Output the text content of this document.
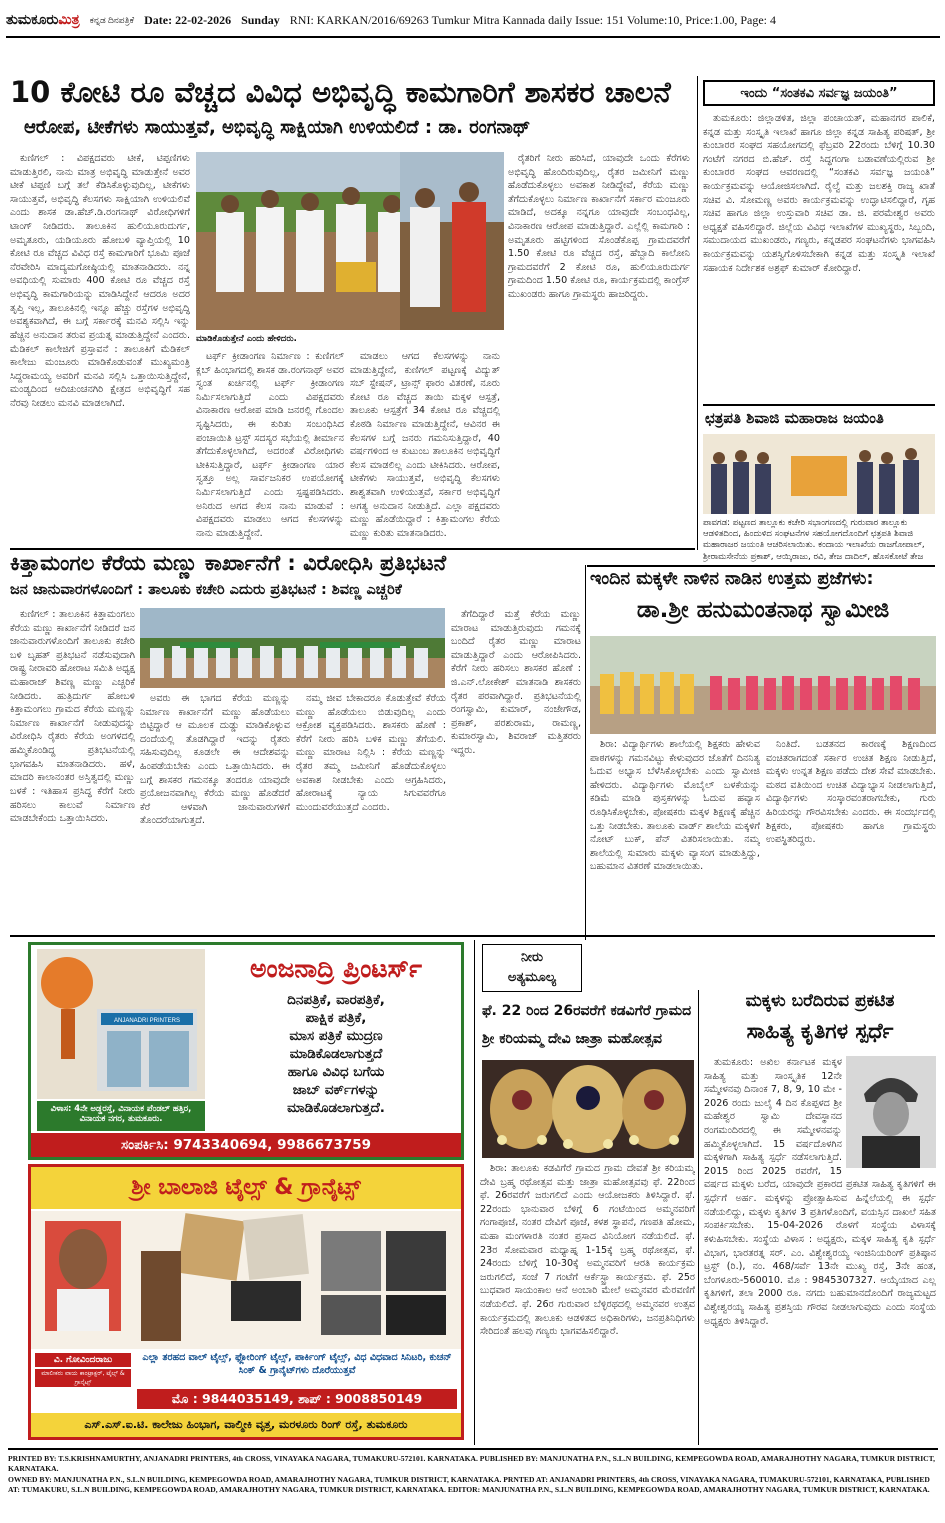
ತುಮಕೂರುಮಿತ್ರ ಕನ್ನಡ ದಿನಪತ್ರಿಕೆ Date: 22-02-2026 Sunday RNI: KARKAN/2016/69263 Tumkur Mitra Kannada daily Issue: 151 Volume:10, Price:1.00, Page: 4
10 ಕೋಟಿ ರೂ ವೆಚ್ಚದ ವಿವಿಧ ಅಭಿವೃದ್ಧಿ ಕಾಮಗಾರಿಗೆ ಶಾಸಕರ ಚಾಲನೆ
ಆರೋಪ, ಟೀಕೆಗಳು ಸಾಯುತ್ತವೆ, ಅಭಿವೃದ್ಧಿ ಸಾಕ್ಷಿಯಾಗಿ ಉಳಿಯಲಿದೆ : ಡಾ. ರಂಗನಾಥ್

ಕುಣಿಗಲ್ : ವಿಪಕ್ಷದವರು ಟೀಕೆ, ಟಿಪ್ಪಣಿಗಳು ಮಾಡುತ್ತಿರಲಿ, ನಾನು ಮಾತ್ರ ಅಭಿವೃದ್ಧಿ ಮಾಡುತ್ತೇನೆ ಅವರ ಟೀಕೆ ಟಿಪ್ಪಣಿ ಬಗ್ಗೆ ತಲೆ ಕೆಡಿಸಿಕೊಳ್ಳುವುದಿಲ್ಲ, ಟೀಕೆಗಳು ಸಾಯುತ್ತವೆ, ಅಭಿವೃದ್ಧಿ ಕೆಲಸಗಳು ಸಾಕ್ಷಿಯಾಗಿ ಉಳಿಯಲಿವೆ ಎಂದು ಶಾಸಕ ಡಾ.ಹೆಚ್.ಡಿ.ರಂಗನಾಥ್ ವಿರೋಧಿಗಳಿಗೆ ಟಾಂಗ್ ನೀಡಿದರು. ತಾಲೂಕಿನ ಹುಲಿಯೂರುದುರ್ಗ, ಅಮೃತೂರು, ಯಡಿಯೂರು ಹೋಬಳಿ ವ್ಯಾಪ್ತಿಯಲ್ಲಿ 10 ಕೋಟಿ ರೂ ವೆಚ್ಚದ ವಿವಿಧ ರಸ್ತೆ ಕಾಮಗಾರಿಗೆ ಭೂಮಿ ಪೂಜೆ ನೆರವೇರಿಸಿ ಮಾದ್ಯಮಗೋಷ್ಠಿಯಲ್ಲಿ ಮಾತನಾಡಿದರು. ನನ್ನ ಅವಧಿಯಲ್ಲಿ ಸುಮಾರು 400 ಕೋಟಿ ರೂ ವೆಚ್ಚದ ರಸ್ತೆ ಅಭಿವೃದ್ಧಿ ಕಾಮಗಾರಿಯನ್ನು ಮಾಡಿಸಿದ್ದೇನೆ ಆದರೂ ಅದರ ತೃಪ್ತಿ ಇಲ್ಲ, ತಾಲೂಕಿನಲ್ಲಿ ಇನ್ನೂ ಹೆಚ್ಚು ರಸ್ತೆಗಳ ಅಭಿವೃದ್ಧಿ ಅವಶ್ಯಕವಾಗಿದೆ, ಈ ಬಗ್ಗೆ ಸರ್ಕಾರಕ್ಕೆ ಮನವಿ ಸಲ್ಲಿಸಿ ಇನ್ನು ಹೆಚ್ಚಿನ ಅನುದಾನ ತರುವ ಪ್ರಯತ್ನ ಮಾಡುತ್ತಿದ್ದೇನೆ ಎಂದರು. ಮೆಡಿಕಲ್ ಕಾಲೇಜಿಗೆ ಪ್ರಸ್ತಾವನೆ : ತಾಲೂಕಿಗೆ ಮೆಡಿಕಲ್ ಕಾಲೇಜು ಮಂಜೂರು ಮಾಡಿಕೊಡುವಂತೆ ಮುಖ್ಯಮಂತ್ರಿ ಸಿದ್ದರಾಮಯ್ಯ ಅವರಿಗೆ ಮನವಿ ಸಲ್ಲಿಸಿ ಒತ್ತಾಯಿಸುತ್ತಿದ್ದೇನೆ, ಮಂಡ್ಯದಿಂದ ಆದಿಚುಂಚನಗಿರಿ ಕ್ಷೇತ್ರದ ಅಭಿವೃದ್ಧಿಗೆ ಸಹ ನೆರವು ನೀಡಲು ಮನವಿ ಮಾಡಲಾಗಿದೆ.

ಮಾಡಿಕೊಡುತ್ತೇನೆ ಎಂದು ಹೇಳಿದರು.

ಟರ್ಫ್ ಕ್ರೀಡಾಂಗಣ ನಿರ್ಮಾಣ : ಕುಣಿಗಲ್ ಕ್ಲಬ್ ಹಿಂಭಾಗದಲ್ಲಿ ಶಾಸಕ ಡಾ.ರಂಗನಾಥ್ ಅವರ ಸ್ವಂತ ಖರ್ಚಿನಲ್ಲಿ ಟರ್ಫ್ ಕ್ರೀಡಾಂಗಣ ನಿರ್ಮಿಸಲಾಗುತ್ತಿದೆ ಎಂದು ವಿಪಕ್ಷದವರು ವಿನಾಕಾರಣ ಆರೋಪ ಮಾಡಿ ಜನರಲ್ಲಿ ಗೊಂದಲ ಸೃಷ್ಟಿಸಿದರು, ಈ ಕುರಿತು ಸಂಬಂಧಿಸಿದ ಪಂಚಾಯಿತಿ ಟ್ರಸ್ಟ್ ಸದಸ್ಯರ ಸಭೆಯಲ್ಲಿ ತೀರ್ಮಾನ ತೆಗೆದುಕೊಳ್ಳಲಾಗಿದೆ, ಅದರಂತೆ ವಿರೋಧಿಗಳು ಟೀಕಿಸುತ್ತಿದ್ದಾರೆ, ಟರ್ಫ್ ಕ್ರೀಡಾಂಗಣ ಯಾರ ಸ್ವತ್ತೂ ಅಲ್ಲ ಸಾರ್ವಜನಿಕರ ಉಪಯೋಗಕ್ಕೆ ನಿರ್ಮಿಸಲಾಗುತ್ತಿದೆ ಎಂದು ಸ್ಪಷ್ಟಪಡಿಸಿದರು. ಅನಿರುದ ಅಗದ ಕೆಲಸ ನಾನು ಮಾಡುವೆ : ವಿಪಕ್ಷದವರು ಮಾಡಲು ಆಗದ ಕೆಲಸಗಳನ್ನು ನಾನು ಮಾಡುತ್ತಿದ್ದೇನೆ.

ಮಾಡಲು ಆಗದ ಕೆಲಸಗಳನ್ನು ನಾನು ಮಾಡುತ್ತಿದ್ದೇನೆ, ಕುಣಿಗಲ್ ಪಟ್ಟಣಕ್ಕೆ ವಿದ್ಯುತ್ ಸಬ್ ಸ್ಟೇಷನ್, ಟ್ರಾನ್ಸ್ ಫಾರಂ ವಿತರಣೆ, ನೂರು ಕೋಟಿ ರೂ ವೆಚ್ಚದ ತಾಯಿ ಮಕ್ಕಳ ಆಸ್ಪತ್ರೆ, ತಾಲೂಕು ಆಸ್ಪತ್ರೆಗೆ 34 ಕೋಟಿ ರೂ ವೆಚ್ಚದಲ್ಲಿ ಕೊಠಡಿ ನಿರ್ಮಾಣ ಮಾಡುತ್ತಿದ್ದೇನೆ, ಆವಿನರ ಈ ಕೆಲಸಗಳ ಬಗ್ಗೆ ಜನರು ಗಮನಿಸುತ್ತಿದ್ದಾರೆ, 40 ವರ್ಷಗಳಿಂದ ಆ ಕುಟುಂಬ ತಾಲೂಕಿನ ಅಭಿವೃದ್ಧಿಗೆ ಕೆಲಸ ಮಾಡಲಿಲ್ಲ ಎಂದು ಟೀಕಿಸಿದರು. ಆರೋಪ, ಟೀಕೆಗಳು ಸಾಯುತ್ತವೆ, ಅಭಿವೃದ್ಧಿ ಕೆಲಸಗಳು ಶಾಶ್ವತವಾಗಿ ಉಳಿಯುತ್ತವೆ, ಸರ್ಕಾರ ಅಭಿವೃದ್ಧಿಗೆ ಅಗತ್ಯ ಅನುದಾನ ನೀಡುತ್ತಿದೆ. ಎಲ್ಲಾ ಪಕ್ಷದವರು ಮಣ್ಣು ಹೊಡೆಯಿದ್ದಾರೆ : ಕಿತ್ತಾಮಂಗಲ ಕೆರೆಯ ಮಣ್ಣು ಕುರಿತು ಮಾತನಾಡಿದರು.

ರೈತರಿಗೆ ನೀರು ಹರಿಸಿದೆ, ಯಾವುದೇ ಒಂದು ಕೆರೆಗಳು ಅಭಿವೃದ್ಧಿ ಹೊಂದಿರುವುದಿಲ್ಲ, ರೈತರ ಜಮೀನಿಗೆ ಮಣ್ಣು ಹೊಡೆದುಕೊಳ್ಳಲು ಅವಕಾಶ ನೀಡಿದ್ದೇವೆ, ಕೆರೆಯ ಮಣ್ಣು ತೆಗೆದುಕೊಳ್ಳಲು ನಿರ್ಮಾಣ ಕಾರ್ಖಾನೆಗೆ ಸರ್ಕಾರ ಮಂಜೂರು ಮಾಡಿದೆ, ಅದಕ್ಕೂ ನನ್ನಗೂ ಯಾವುದೇ ಸಂಬಂಧವಿಲ್ಲ, ವಿನಾಕಾರಣ ಆರೋಪ ಮಾಡುತ್ತಿದ್ದಾರೆ. ಎಲ್ಲೆಲ್ಲಿ ಕಾಮಗಾರಿ : ಅಮೃತೂರು ಹಟ್ಟಿಗಳಿಂದ ಸೊಂಡೆಕೊಪ್ಪ ಗ್ರಾಮದವರೆಗೆ 1.50 ಕೋಟಿ ರೂ ವೆಚ್ಚದ ರಸ್ತೆ, ಹೆಬ್ಬಾದಿ ಕಾಲೋನಿ ಗ್ರಾಮದವರೆಗೆ 2 ಕೋಟಿ ರೂ, ಹುಲಿಯೂರುದುರ್ಗ ಗ್ರಾಮದಿಂದ 1.50 ಕೋಟಿ ರೂ, ಕಾರ್ಯಕ್ರಮದಲ್ಲಿ ಕಾಂಗ್ರೆಸ್ ಮುಖಂಡರು ಹಾಗೂ ಗ್ರಾಮಸ್ಥರು ಹಾಜರಿದ್ದರು.

ಇಂದು “ಸಂತಕವಿ ಸರ್ವಜ್ಞ ಜಯಂತಿ”

ತುಮಕೂರು: ಜಿಲ್ಲಾಡಳಿತ, ಜಿಲ್ಲಾ ಪಂಚಾಯತ್, ಮಹಾನಗರ ಪಾಲಿಕೆ, ಕನ್ನಡ ಮತ್ತು ಸಂಸ್ಕೃತಿ ಇಲಾಖೆ ಹಾಗೂ ಜಿಲ್ಲಾ ಕನ್ನಡ ಸಾಹಿತ್ಯ ಪರಿಷತ್, ಶ್ರೀ ಕುಂಬಾರರ ಸಂಘದ ಸಹಯೋಗದಲ್ಲಿ ಫೆಬ್ರವರಿ 22ರಂದು ಬೆಳಿಗ್ಗೆ 10.30 ಗಂಟೆಗೆ ನಗರದ ಬಿ.ಹೆಚ್. ರಸ್ತೆ ಸಿದ್ಧಗಂಗಾ ಬಡಾವಣೆಯಲ್ಲಿರುವ ಶ್ರೀ ಕುಂಬಾರರ ಸಂಘದ ಆವರಣದಲ್ಲಿ “ಸಂತಕವಿ ಸರ್ವಜ್ಞ ಜಯಂತಿ” ಕಾರ್ಯಕ್ರಮವನ್ನು ಆಯೋಜಿಸಲಾಗಿದೆ. ರೈಲ್ವೆ ಮತ್ತು ಜಲಶಕ್ತಿ ರಾಜ್ಯ ಖಾತೆ ಸಚಿವ ವಿ. ಸೋಮಣ್ಣ ಅವರು ಕಾರ್ಯಕ್ರಮವನ್ನು ಉದ್ಘಾಟಿಸಲಿದ್ದಾರೆ, ಗೃಹ ಸಚಿವ ಹಾಗೂ ಜಿಲ್ಲಾ ಉಸ್ತುವಾರಿ ಸಚಿವ ಡಾ. ಜಿ. ಪರಮೇಶ್ವರ ಅವರು ಅಧ್ಯಕ್ಷತೆ ವಹಿಸಲಿದ್ದಾರೆ. ಜಿಲ್ಲೆಯ ವಿವಿಧ ಇಲಾಖೆಗಳ ಮುಖ್ಯಸ್ಥರು, ಸಿಬ್ಬಂದಿ, ಸಮುದಾಯದ ಮುಖಂಡರು, ಗಣ್ಯರು, ಕನ್ನಡಪರ ಸಂಘಟನೆಗಳು ಭಾಗವಹಿಸಿ ಕಾರ್ಯಕ್ರಮವನ್ನು ಯಶಸ್ವಿಗೊಳಿಸಬೇಕಾಗಿ ಕನ್ನಡ ಮತ್ತು ಸಂಸ್ಕೃತಿ ಇಲಾಖೆ ಸಹಾಯಕ ನಿರ್ದೇಶಕ ಅಶ್ರಫ್ ಕುಮಾರ್ ಕೋರಿದ್ದಾರೆ.

ಛತ್ರಪತಿ ಶಿವಾಜಿ ಮಹಾರಾಜ ಜಯಂತಿ
ಪಾವಗಡ: ಪಟ್ಟಣದ ತಾಲ್ಲೂಕು ಕಚೇರಿ ಸಭಾಂಗಣದಲ್ಲಿ ಗುರುವಾರ ತಾಲ್ಲೂಕು ಆಡಳಿತದಿಂದ, ಹಿಂದುಳಿದ ಸಂಘಟನೆಗಳ ಸಹಯೋಗದೊಂದಿಗೆ ಛತ್ರಪತಿ ಶಿವಾಜಿ ಮಹಾರಾಜರ ಜಯಂತಿ ಆಚರಿಸಲಾಯಿತು. ಕಂದಾಯ ಇಲಾಖೆಯ ರಾಜಗೋಪಾಲ್, ಶ್ರೀರಾಮಸೇನೆಯ ಪ್ರಕಾಶ್, ಆಯ್ಕಿರಾಜು, ರವಿ, ತೇಜ ದಾದಿಲ್, ಹೊಸಕೋಟೆ ತೇಜ
ಕಿತ್ತಾಮಂಗಲ ಕೆರೆಯ ಮಣ್ಣು ಕಾರ್ಖಾನೆಗೆ : ವಿರೋಧಿಸಿ ಪ್ರತಿಭಟನೆ
ಜನ ಜಾನುವಾರಗಳೊಂದಿಗೆ : ತಾಲೂಕು ಕಚೇರಿ ಎದುರು ಪ್ರತಿಭಟನೆ : ಶಿವಣ್ಣ ಎಚ್ಚರಿಕೆ

ಕುಣಿಗಲ್ : ತಾಲೂಕಿನ ಕಿತ್ತಾಮಂಗಲು ಕೆರೆಯ ಮಣ್ಣು ಕಾರ್ಖಾನೆಗೆ ನೀಡಿದರೆ ಜನ ಜಾನುವಾರುಗಳೊಂದಿಗೆ ತಾಲೂಕು ಕಚೇರಿ ಬಳಿ ಬೃಹತ್ ಪ್ರತಿಭಟನೆ ನಡೆಸುವುದಾಗಿ ರಾಷ್ಟ್ರ ನೀರಾವರಿ ಹೋರಾಟ ಸಮಿತಿ ಅಧ್ಯಕ್ಷ ಮಹಾರಾಜ್ ಶಿವಣ್ಣ ಮಣ್ಣು ಎಚ್ಚರಿಕೆ ನೀಡಿದರು. ಹುತ್ರಿದುರ್ಗ ಹೋಬಳಿ ಕಿತ್ತಾಮಂಗಲು ಗ್ರಾಮದ ಕೆರೆಯ ಮಣ್ಣನ್ನು ನಿರ್ಮಾಣ ಕಾರ್ಖಾನೆಗೆ ನೀಡುವುದನ್ನು ವಿರೋಧಿಸಿ ರೈತರು ಕೆರೆಯ ಅಂಗಳದಲ್ಲಿ ಹಮ್ಮಿಕೊಂಡಿದ್ದ ಪ್ರತಿಭಟನೆಯಲ್ಲಿ ಭಾಗವಹಿಸಿ ಮಾತನಾಡಿದರು. ಹಳೆ, ಮಾದರಿ ಕಾಲಾನಂತರ ಅಸ್ತಿತ್ವದಲ್ಲಿ ಮಣ್ಣು ಬಳಕೆ : ಇತಿಹಾಸ ಪ್ರಸಿದ್ಧ ಕೆರೆಗೆ ನೀರು ಹರಿಸಲು ಕಾಲುವೆ ನಿರ್ಮಾಣ ಮಾಡಬೇಕೆಂದು ಒತ್ತಾಯಿಸಿದರು.

ಅವರು ಈ ಭಾಗದ ಕೆರೆಯ ಮಣ್ಣನ್ನು ನಿರ್ಮಾಣ ಕಾರ್ಖಾನೆಗೆ ಮಣ್ಣು ಹೊಡೆಯಲು ಬಿಟ್ಟಿದ್ದಾರೆ ಆ ಮೂಲಕ ದುಡ್ಡು ಮಾಡಿಕೊಳ್ಳುವ ದಂದೆಯಲ್ಲಿ ತೊಡಗಿದ್ದಾರೆ ಇದನ್ನು ರೈತರು ಸಹಿಸುವುದಿಲ್ಲ ಕೂಡಲೇ ಈ ಆದೇಶವನ್ನು ಹಿಂಪಡೆಯಬೇಕು ಎಂದು ಒತ್ತಾಯಿಸಿದರು. ಈ ಬಗ್ಗೆ ಶಾಸಕರ ಗಮನಕ್ಕೂ ತಂದರೂ ಯಾವುದೇ ಪ್ರಯೋಜನವಾಗಿಲ್ಲ ಕೆರೆಯ ಮಣ್ಣು ಹೊಡೆದರೆ ಕೆರೆ ಆಳವಾಗಿ ಜಾನುವಾರುಗಳಿಗೆ ತೊಂದರೆಯಾಗುತ್ತದೆ.

ನಮ್ಮ ಜೀವ ಬೇಕಾದರೂ ಕೊಡುತ್ತೇವೆ ಕೆರೆಯ ಮಣ್ಣು ಹೊಡೆಯಲು ಬಿಡುವುದಿಲ್ಲ ಎಂದು ಆಕ್ರೋಶ ವ್ಯಕ್ತಪಡಿಸಿದರು. ಶಾಸಕರು ಹೊಣೆ : ಕೆರೆಗೆ ನೀರು ಹರಿಸಿ ಬಳಿಕ ಮಣ್ಣು ತೆಗೆಯಲಿ. ಮಣ್ಣು ಮಾರಾಟ ನಿಲ್ಲಿಸಿ : ಕೆರೆಯ ಮಣ್ಣನ್ನು ರೈತರ ತಮ್ಮ ಜಮೀನಿಗೆ ಹೊಡೆದುಕೊಳ್ಳಲು ಅವಕಾಶ ನೀಡಬೇಕು ಎಂದು ಆಗ್ರಹಿಸಿದರು, ಹೋರಾಟಕ್ಕೆ ನ್ಯಾಯ ಸಿಗುವವರೆಗೂ ಮುಂದುವರೆಯುತ್ತದೆ ಎಂದರು.

ತೆಗೆದಿದ್ದಾರೆ ಮತ್ತೆ ಕೆರೆಯ ಮಣ್ಣು ಮಾರಾಟ ಮಾಡುತ್ತಿರುವುದು ಗಮನಕ್ಕೆ ಬಂದಿದೆ ರೈತರ ಮಣ್ಣು ಮಾರಾಟ ಮಾಡುತ್ತಿದ್ದಾರೆ ಎಂದು ಆರೋಪಿಸಿದರು. ಕೆರೆಗೆ ನೀರು ಹರಿಸಲು ಶಾಸಕರ ಹೊಣೆ : ಜಿ.ಎನ್.ಲೋಕೇಶ್ ಮಾತನಾಡಿ ಶಾಸಕರು ರೈತರ ಪರವಾಗಿದ್ದಾರೆ. ಪ್ರತಿಭಟನೆಯಲ್ಲಿ ರಂಗಸ್ವಾಮಿ, ಕುಮಾರ್, ನಂಜೇಗೌಡ, ಪ್ರಕಾಶ್, ಪರಶುರಾಮ, ರಾಮಣ್ಣ, ಕುಮಾರಸ್ವಾಮಿ, ಶಿವರಾಜ್ ಮತ್ತಿತರರು ಇದ್ದರು.

ಇಂದಿನ ಮಕ್ಕಳೇ ನಾಳಿನ ನಾಡಿನ ಉತ್ತಮ ಪ್ರಜೆಗಳು:
ಡಾ.ಶ್ರೀ ಹನುಮಂತನಾಥ ಸ್ವಾಮೀಜಿ

ಶಿರಾ: ವಿದ್ಯಾರ್ಥಿಗಳು ಶಾಲೆಯಲ್ಲಿ ಶಿಕ್ಷಕರು ಹೇಳುವ ಪಾಠಗಳನ್ನು ಗಮನವಿಟ್ಟು ಕೇಳುವುದರ ಜೊತೆಗೆ ದಿನನಿತ್ಯ ಓದುವ ಅಭ್ಯಾಸ ಬೆಳೆಸಿಕೊಳ್ಳಬೇಕು ಎಂದು ಸ್ವಾಮೀಜಿ ಹೇಳಿದರು. ವಿದ್ಯಾರ್ಥಿಗಳು ಮೊಬೈಲ್ ಬಳಕೆಯನ್ನು ಕಡಿಮೆ ಮಾಡಿ ಪುಸ್ತಕಗಳನ್ನು ಓದುವ ಹವ್ಯಾಸ ರೂಢಿಸಿಕೊಳ್ಳಬೇಕು, ಪೋಷಕರು ಮಕ್ಕಳ ಶಿಕ್ಷಣಕ್ಕೆ ಹೆಚ್ಚಿನ ಒತ್ತು ನೀಡಬೇಕು. ತಾಲೂಕು ವಾರ್ಡ್ ಶಾಲೆಯ ಮಕ್ಕಳಿಗೆ ನೋಟ್ ಬುಕ್, ಪೆನ್ ವಿತರಿಸಲಾಯಿತು. ನಮ್ಮ ಶಾಲೆಯಲ್ಲಿ ಸುಮಾರು ಮಕ್ಕಳು ವ್ಯಾಸಂಗ ಮಾಡುತ್ತಿದ್ದು, ಬಹುಮಾನ ವಿತರಣೆ ಮಾಡಲಾಯಿತು.

ನಿಂತಿದೆ. ಬಡತನದ ಕಾರಣಕ್ಕೆ ಶಿಕ್ಷಣದಿಂದ ವಂಚಿತರಾಗದಂತೆ ಸರ್ಕಾರ ಉಚಿತ ಶಿಕ್ಷಣ ನೀಡುತ್ತಿದೆ, ಮಕ್ಕಳು ಉನ್ನತ ಶಿಕ್ಷಣ ಪಡೆದು ದೇಶ ಸೇವೆ ಮಾಡಬೇಕು. ಮಠದ ವತಿಯಿಂದ ಉಚಿತ ವಿದ್ಯಾಭ್ಯಾಸ ನೀಡಲಾಗುತ್ತಿದೆ, ವಿದ್ಯಾರ್ಥಿಗಳು ಸಂಸ್ಕಾರವಂತರಾಗಬೇಕು, ಗುರು ಹಿರಿಯರನ್ನು ಗೌರವಿಸಬೇಕು ಎಂದರು. ಈ ಸಂದರ್ಭದಲ್ಲಿ ಶಿಕ್ಷಕರು, ಪೋಷಕರು ಹಾಗೂ ಗ್ರಾಮಸ್ಥರು ಉಪಸ್ಥಿತರಿದ್ದರು.

ಅಂಜನಾದ್ರಿ ಪ್ರಿಂಟರ್ಸ್
ANJANADRI PRINTERS
ದಿನಪತ್ರಿಕೆ, ವಾರಪತ್ರಿಕೆ,
ಪಾಕ್ಷಿಕ ಪತ್ರಿಕೆ,
ಮಾಸ ಪತ್ರಿಕೆ ಮುದ್ರಣ
ಮಾಡಿಕೊಡಲಾಗುತ್ತದೆ
ಹಾಗೂ ವಿವಿಧ ಬಗೆಯ
ಜಾಬ್ ವರ್ಕ್‌ಗಳನ್ನು
ಮಾಡಿಕೊಡಲಾಗುತ್ತದೆ.
ವಿಳಾಸ: 4ನೇ ಅಡ್ಡರಸ್ತೆ, ವಿನಾಯಕ ಪೆಂಡಲ್ ಹತ್ತಿರ, ವಿನಾಯಕ ನಗರ, ತುಮಕೂರು.
ಸಂಪರ್ಕಿಸಿ: 9743340694, 9986673759
ಶ್ರೀ ಬಾಲಾಜಿ ಟೈಲ್ಸ್ & ಗ್ರಾನೈಟ್ಸ್
ವಿ. ಗೋವಿಂದರಾಜು
ಮಾಲೀಕರು ವಾಯ ಕಾಂಟ್ರಾಕ್ಟರ್, ಟೈಲ್ಸ್ & ಗ್ರಾನೈಟ್ಸ್
ಎಲ್ಲಾ ತರಹದ ವಾಲ್ ಟೈಲ್ಸ್, ಫ್ಲೋರಿಂಗ್ ಟೈಲ್ಸ್, ಪಾರ್ಕಿಂಗ್ ಟೈಲ್ಸ್, ವಿಧ ವಿಧವಾದ ಸಿನಿಟರಿ, ಕುಚನ್ ಸಿಂಕ್ & ಗ್ರಾನೈಟ್‌ಗಳು ದೊರೆಯುತ್ತವೆ
ಮೊ : 9844035149, ಶಾಪ್ : 9008850149
ಎಸ್.ಎಸ್.ಐ.ಟಿ. ಕಾಲೇಜು ಹಿಂಭಾಗ, ವಾಲ್ಮೀಕಿ ವೃತ್ತ, ಮರಳೂರು ರಿಂಗ್ ರಸ್ತೆ, ತುಮಕೂರು
ನೀರು
ಅತ್ಯಮೂಲ್ಯ
ಫೆ. 22 ರಿಂದ 26ರವರೆಗೆ ಕಡವಿಗೆರೆ ಗ್ರಾಮದ
ಶ್ರೀ ಕರಿಯಮ್ಮ ದೇವಿ ಜಾತ್ರಾ ಮಹೋತ್ಸವ

ಶಿರಾ: ತಾಲೂಕು ಕಡವಿಗೆರೆ ಗ್ರಾಮದ ಗ್ರಾಮ ದೇವತೆ ಶ್ರೀ ಕರಿಯಮ್ಮ ದೇವಿ ಬ್ರಹ್ಮ ರಥೋತ್ಸವ ಮತ್ತು ಜಾತ್ರಾ ಮಹೋತ್ಸವವು ಫೆ. 22ರಿಂದ ಫೆ. 26ರವರೆಗೆ ಜರುಗಲಿದೆ ಎಂದು ಆಯೋಜಕರು ತಿಳಿಸಿದ್ದಾರೆ. ಫೆ. 22ರಂದು ಭಾನುವಾರ ಬೆಳಿಗ್ಗೆ 6 ಗಂಟೆಯಿಂದ ಅಮ್ಮನವರಿಗೆ ಗಂಗಾಪೂಜೆ, ನಂತರ ದೇವಿಗೆ ಪೂಜೆ, ಕಳಶ ಸ್ಥಾಪನೆ, ಗಣಪತಿ ಹೋಮ, ಮಹಾ ಮಂಗಳಾರತಿ ನಂತರ ಪ್ರಸಾದ ವಿನಿಯೋಗ ನಡೆಯಲಿದೆ. ಫೆ. 23ರ ಸೋಮವಾರ ಮಧ್ಯಾಹ್ನ 1-15ಕ್ಕೆ ಬ್ರಹ್ಮ ರಥೋತ್ಸವ, ಫೆ. 24ರಂದು ಬೆಳಿಗ್ಗೆ 10-30ಕ್ಕೆ ಅಮ್ಮನವರಿಗೆ ಆರತಿ ಕಾರ್ಯಕ್ರಮ ಜರುಗಲಿದೆ, ಸಂಜೆ 7 ಗಂಟೆಗೆ ಆರ್ಕೆಸ್ಟ್ರಾ ಕಾರ್ಯಕ್ರಮ. ಫೆ. 25ರ ಬುಧವಾರ ಸಾಯಂಕಾಲ ಆನೆ ಅಂಬಾರಿ ಮೇಲೆ ಅಮ್ಮನವರ ಮೆರವಣಿಗೆ ನಡೆಯಲಿದೆ. ಫೆ. 26ರ ಗುರುವಾರ ಬೆಳ್ಳಿರಥದಲ್ಲಿ ಅಮ್ಮನವರ ಉತ್ಸವ ಕಾರ್ಯಕ್ರಮದಲ್ಲಿ ತಾಲೂಕು ಆಡಳಿತದ ಅಧಿಕಾರಿಗಳು, ಜನಪ್ರತಿನಿಧಿಗಳು ಸೇರಿದಂತೆ ಹಲವು ಗಣ್ಯರು ಭಾಗವಹಿಸಲಿದ್ದಾರೆ.

ಮಕ್ಕಳು ಬರೆದಿರುವ ಪ್ರಕಟಿತ
ಸಾಹಿತ್ಯ ಕೃತಿಗಳ ಸ್ಪರ್ಧೆ

ತುಮಕೂರು: ಅಖಿಲ ಕರ್ನಾಟಕ ಮಕ್ಕಳ ಸಾಹಿತ್ಯ ಮತ್ತು ಸಾಂಸ್ಕೃತಿಕ 12ನೇ ಸಮ್ಮೇಳನವು ದಿನಾಂಕ 7, 8, 9, 10 ಮೇ - 2026 ರಂದು ಜುಲೈ 4 ದಿನ ಕೊಪ್ಪಳದ ಶ್ರೀ ಮಹೇಶ್ವರ ಸ್ವಾಮಿ ದೇವಸ್ಥಾನದ ರಂಗಮಂದಿರದಲ್ಲಿ ಈ ಸಮ್ಮೇಳನವನ್ನು ಹಮ್ಮಿಕೊಳ್ಳಲಾಗಿದೆ. 15 ವರ್ಷದೊಳಗಿನ ಮಕ್ಕಳಿಗಾಗಿ ಸಾಹಿತ್ಯ ಸ್ಪರ್ಧೆ ನಡೆಸಲಾಗುತ್ತಿದೆ. 2015 ರಿಂದ 2025 ರವರೆಗೆ, 15 ವರ್ಷದ ಮಕ್ಕಳು ಬರೆದ, ಯಾವುದೇ ಪ್ರಕಾರದ ಪ್ರಕಟಿತ ಸಾಹಿತ್ಯ ಕೃತಿಗಳಿಗೆ ಈ ಸ್ಪರ್ಧೆಗೆ ಅರ್ಹ. ಮಕ್ಕಳನ್ನು ಪ್ರೋತ್ಸಾಹಿಸುವ ಹಿನ್ನೆಲೆಯಲ್ಲಿ ಈ ಸ್ಪರ್ಧೆ ನಡೆಯಲಿದ್ದು, ಮಕ್ಕಳು ಕೃತಿಗಳ 3 ಪ್ರತಿಗಳೊಂದಿಗೆ, ವಯಸ್ಸಿನ ದಾಖಲೆ ಸಹಿತ ಸಂಪರ್ಕಿಸಬೇಕು. 15-04-2026 ರೊಳಗೆ ಸಂಸ್ಥೆಯ ವಿಳಾಸಕ್ಕೆ ಕಳುಹಿಸಬೇಕು. ಸಂಸ್ಥೆಯ ವಿಳಾಸ : ಅಧ್ಯಕ್ಷರು, ಮಕ್ಕಳ ಸಾಹಿತ್ಯ ಕೃತಿ ಸ್ಪರ್ಧೆ ವಿಭಾಗ, ಭಾರತರತ್ನ ಸರ್. ಎಂ. ವಿಶ್ವೇಶ್ವರಯ್ಯ ಇಂಜಿನಿಯರಿಂಗ್ ಪ್ರತಿಷ್ಠಾನ ಟ್ರಸ್ಟ್ (ರಿ.), ನಂ. 468/ಸರ್ವೆ 13ನೇ ಮುಖ್ಯ ರಸ್ತೆ, 3ನೇ ಹಂತ, ಬೆಂಗಳೂರು-560010. ಮೊ : 9845307327. ಆಯ್ಕೆಯಾದ ಎಲ್ಲ ಕೃತಿಗಳಿಗೆ, ತಲಾ 2000 ರೂ. ನಗದು ಬಹುಮಾನದೊಂದಿಗೆ ರಾಜ್ಯಮಟ್ಟದ ವಿಶ್ವೇಶ್ವರಯ್ಯ ಸಾಹಿತ್ಯ ಪ್ರಶಸ್ತಿಯ ಗೌರವ ನೀಡಲಾಗುವುದು ಎಂದು ಸಂಸ್ಥೆಯ ಅಧ್ಯಕ್ಷರು ತಿಳಿಸಿದ್ದಾರೆ.

PRINTED BY: T.S.KRISHNAMURTHY, ANJANADRI PRINTERS, 4th CROSS, VINAYAKA NAGARA, TUMAKURU-572101. KARNATAKA. PUBLISHED BY: MANJUNATHA P.N., S.L.N BUILDING, KEMPEGOWDA ROAD, AMARAJHOTHY NAGARA, TUMKUR DISTRICT, KARNATAKA.
OWNED BY: MANJUNATHA P.N., S.L.N BUILDING, KEMPEGOWDA ROAD, AMARAJHOTHY NAGARA, TUMKUR DISTRICT, KARNATAKA. PRNTED AT: ANJANADRI PRINTERS, 4th CROSS, VINAYAKA NAGARA, TUMAKURU-572101, KARNATAKA, PUBLISHED
AT: TUMAKURU, S.L.N BUILDING, KEMPEGOWDA ROAD, AMARAJHOTHY NAGARA, TUMKUR DISTRICT, KARNATAKA. EDITOR: MANJUNATHA P.N., S.L.N BUILDING, KEMPEGOWDA ROAD, AMARAJHOTHY NAGARA, TUMKUR DISTRICT, KARNATAKA.
